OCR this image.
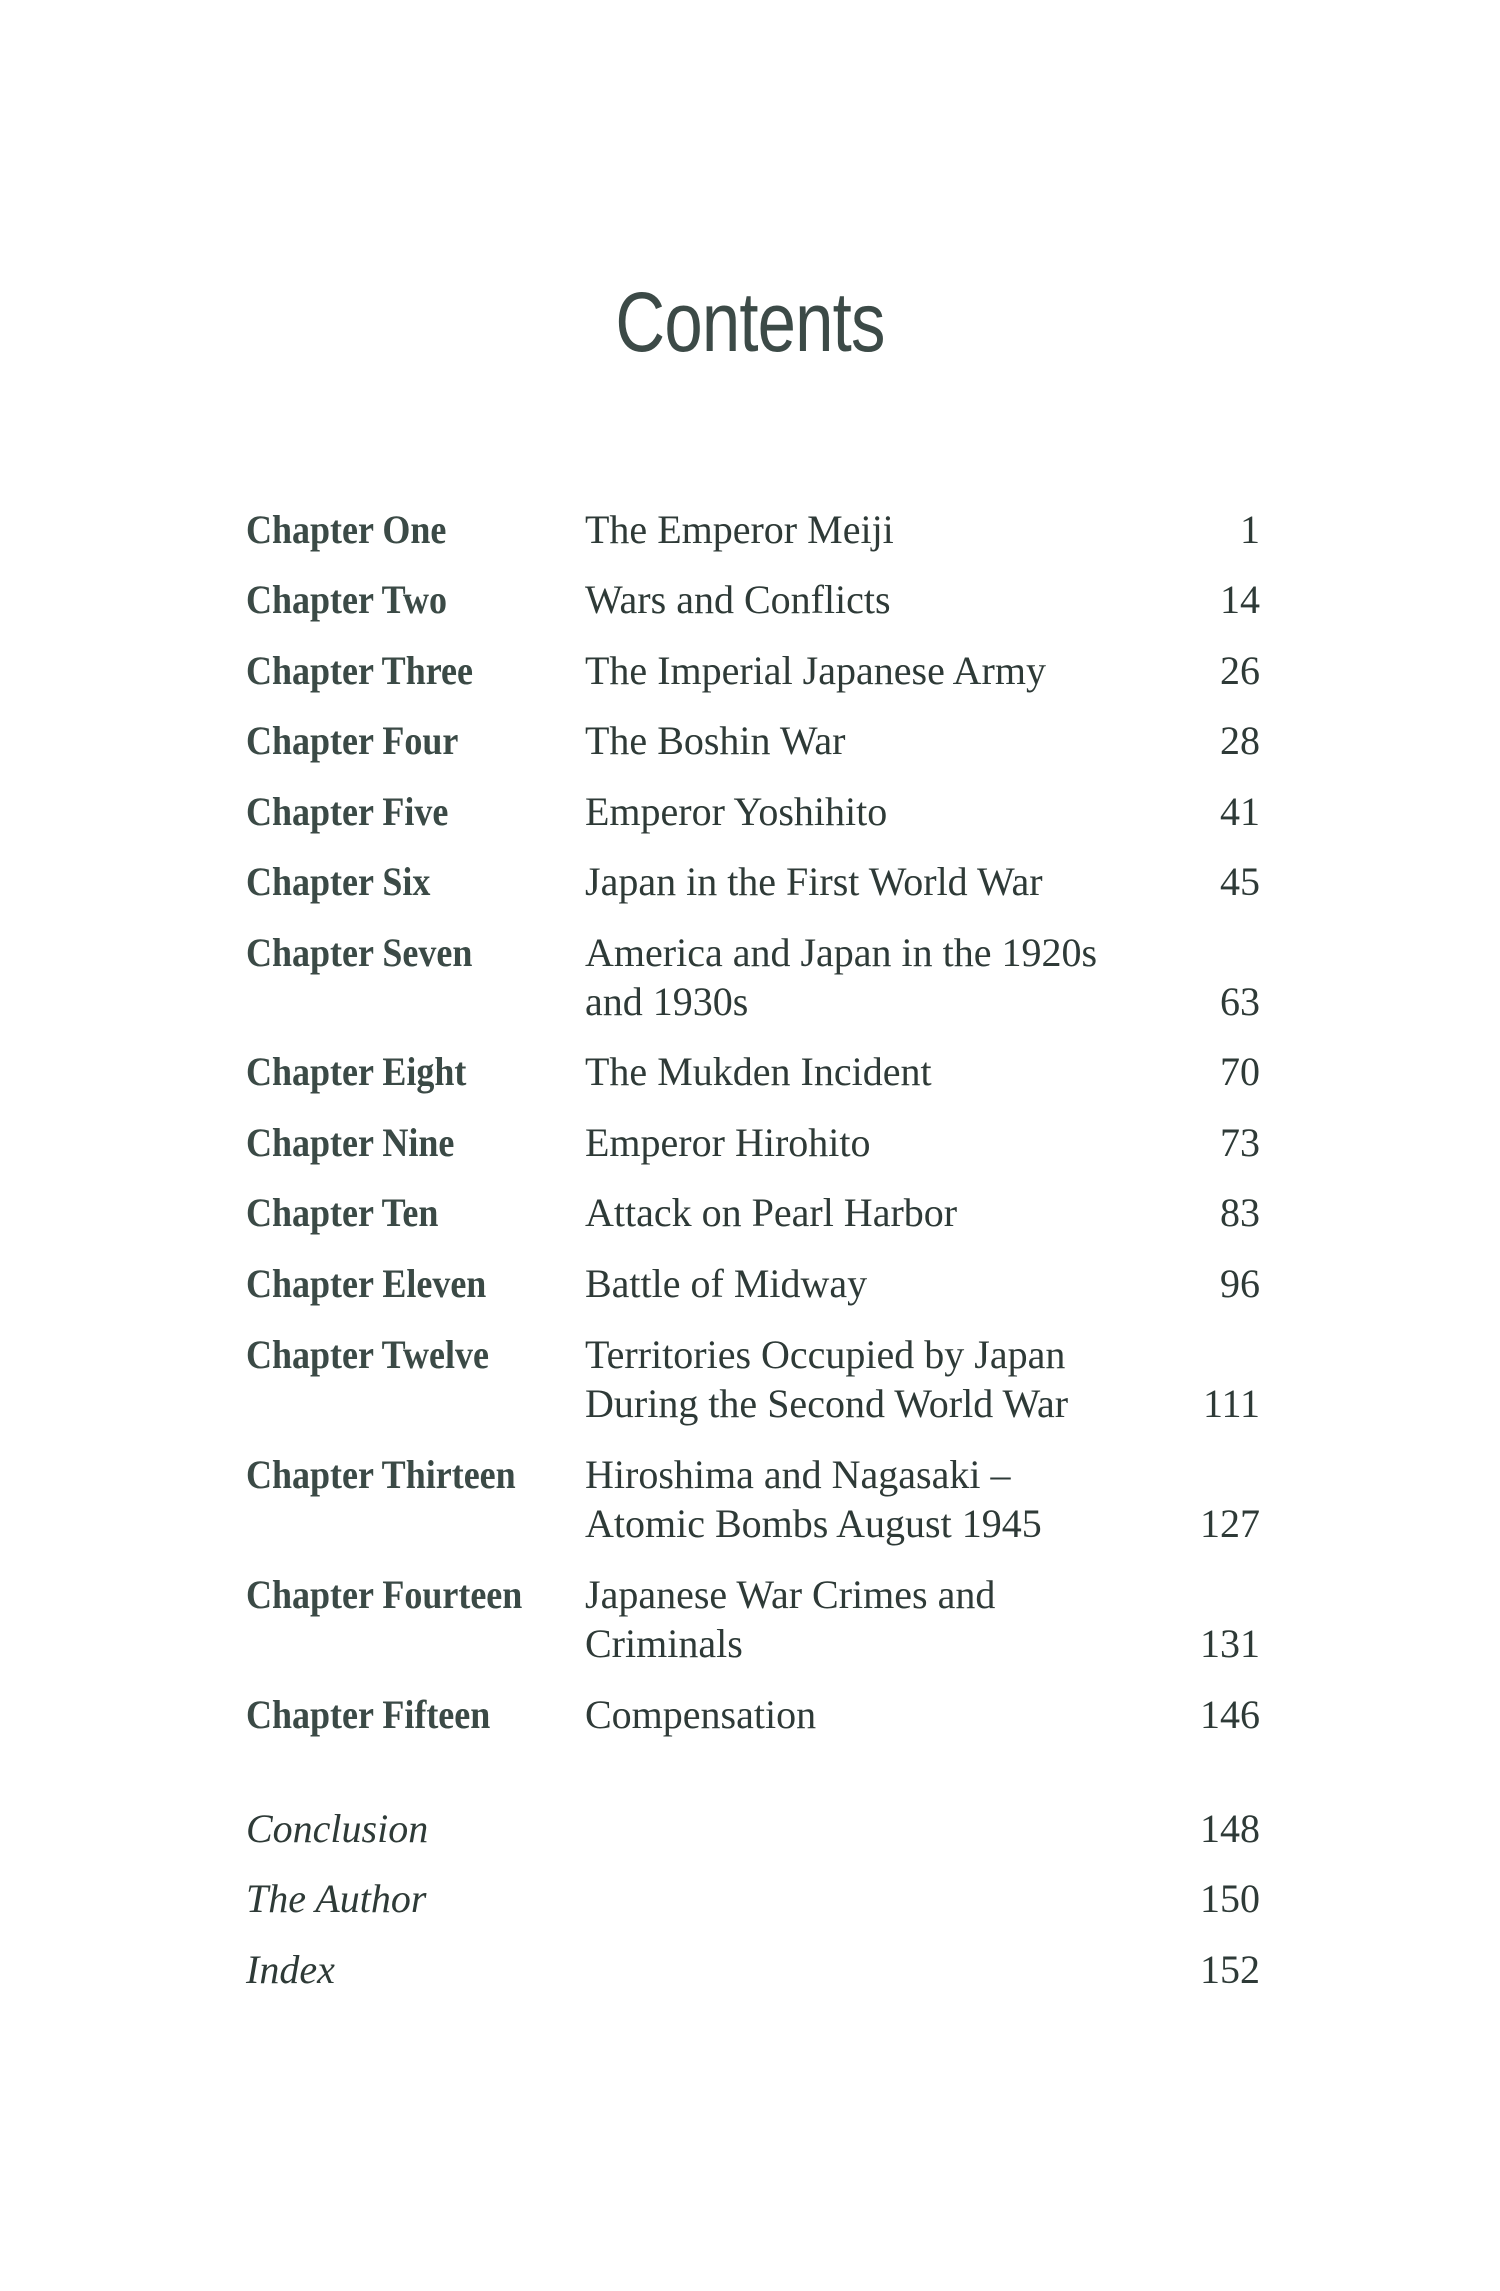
Contents
Chapter One	The Emperor Meiji	1
Chapter Two	Wars and Conflicts	14
Chapter Three	The Imperial Japanese Army	26
Chapter Four	The Boshin War	28
Chapter Five	Emperor Yoshihito	41
Chapter Six	Japan in the First World War	45
Chapter Seven	America and Japan in the 1920s
and 1930s	63
Chapter Eight	The Mukden Incident	70
Chapter Nine	Emperor Hirohito	73
Chapter Ten	Attack on Pearl Harbor	83
Chapter Eleven	Battle of Midway	96
Chapter Twelve	Territories Occupied by Japan
During the Second World War	111
Chapter Thirteen	Hiroshima and Nagasaki –
Atomic Bombs August 1945	127
Chapter Fourteen	Japanese War Crimes and
Criminals	131
Chapter Fifteen	Compensation	146
Conclusion	148
The Author	150
Index	152
